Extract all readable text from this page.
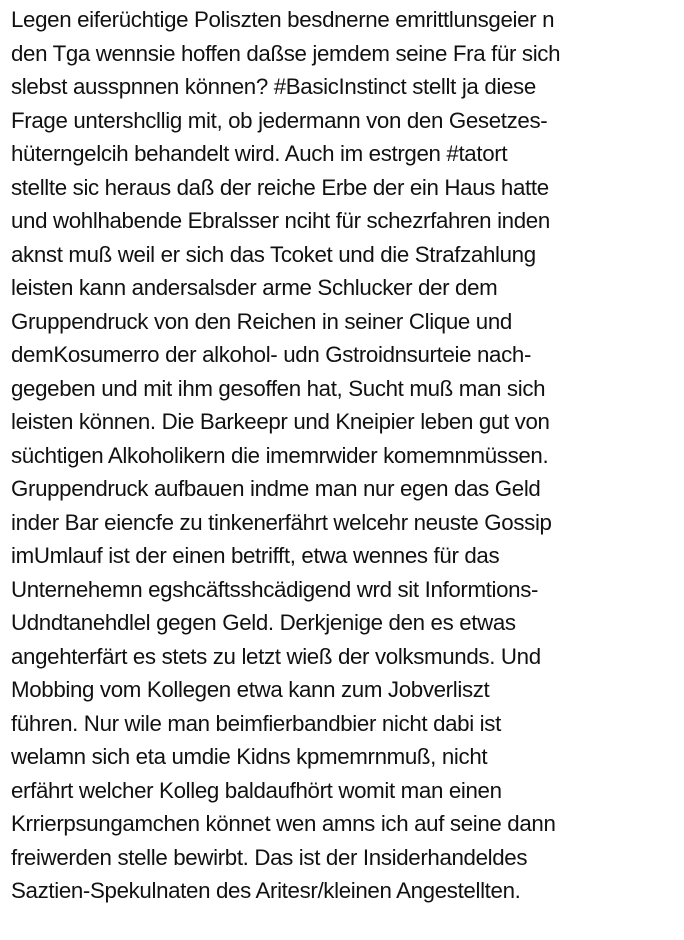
Legen eiferüchtige Poliszten besdnerne emrittlunsgeier n
den Tga wennsie hoffen daßse jemdem seine Fra für sich
slebst ausspnnen können? #BasicInstinct stellt ja diese
Frage untershcllig mit, ob jedermann von den Gesetzes-
hüterngelcih behandelt wird. Auch im estrgen #tatort
stellte sic heraus daß der reiche Erbe der ein Haus hatte
und wohlhabende Ebralsser nciht für schezrfahren inden
aknst muß weil er sich das Tcoket und die Strafzahlung
leisten kann andersalsder arme Schlucker der dem
Gruppendruck von den Reichen in seiner Clique und
demKosumerro der alkohol- udn Gstroidnsurteie nach-
gegeben und mit ihm gesoffen hat, Sucht muß man sich
leisten können. Die Barkeepr und Kneipier leben gut von
süchtigen Alkoholikern die imemrwider komemnmüssen.
Gruppendruck aufbauen indme man nur egen das Geld
inder Bar eiencfe zu tinkenerfährt welcehr neuste Gossip
imUmlauf ist der einen betrifft, etwa wennes für das
Unternehemn egshcäftsshcädigend wrd sit Informtions-
Udndtanehdlel gegen Geld. Derkjenige den es etwas
angehterfärt es stets zu letzt wieß der volksmunds. Und
Mobbing vom Kollegen etwa kann zum Jobverliszt
führen. Nur wile man beimfierbandbier nicht dabi ist
welamn sich eta umdie Kidns kpmemrnmuß, nicht
erfährt welcher Kolleg baldaufhört womit man einen
Krrierpsungamchen könnet wen amns ich auf seine dann
freiwerden stelle bewirbt. Das ist der Insiderhandeldes
Saztien-Spekulnaten des Aritesr/kleinen Angestellten.
